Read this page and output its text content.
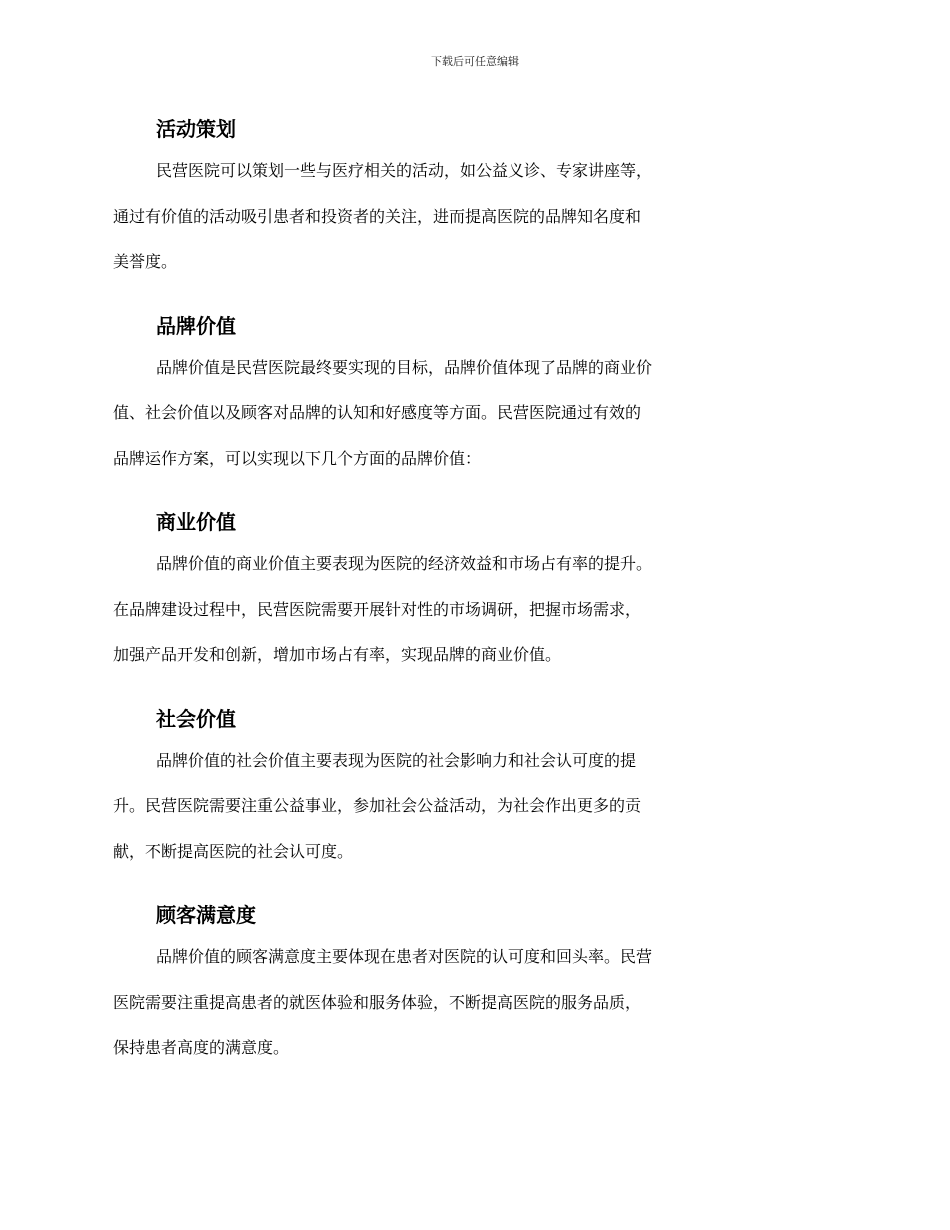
下载后可任意编辑
活动策划
民营医院可以策划一些与医疗相关的活动，如公益义诊、专家讲座等，
通过有价值的活动吸引患者和投资者的关注，进而提高医院的品牌知名度和
美誉度。
品牌价值
品牌价值是民营医院最终要实现的目标，品牌价值体现了品牌的商业价
值、社会价值以及顾客对品牌的认知和好感度等方面。民营医院通过有效的
品牌运作方案，可以实现以下几个方面的品牌价值：
商业价值
品牌价值的商业价值主要表现为医院的经济效益和市场占有率的提升。
在品牌建设过程中，民营医院需要开展针对性的市场调研，把握市场需求，
加强产品开发和创新，增加市场占有率，实现品牌的商业价值。
社会价值
品牌价值的社会价值主要表现为医院的社会影响力和社会认可度的提
升。民营医院需要注重公益事业，参加社会公益活动，为社会作出更多的贡
献，不断提高医院的社会认可度。
顾客满意度
品牌价值的顾客满意度主要体现在患者对医院的认可度和回头率。民营
医院需要注重提高患者的就医体验和服务体验，不断提高医院的服务品质，
保持患者高度的满意度。
